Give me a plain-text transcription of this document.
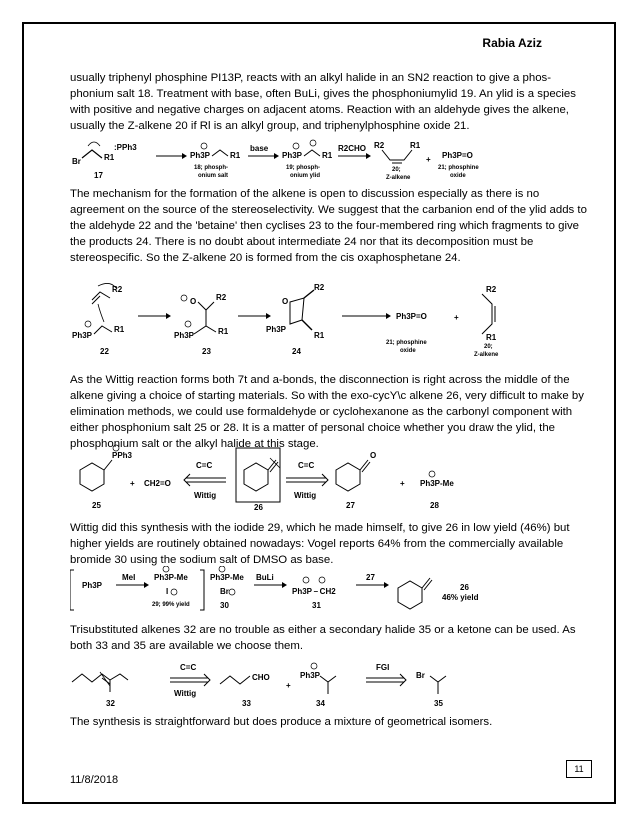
Rabia Aziz

usually triphenyl phosphine PI13P, reacts with an alkyl halide in an SN2 reaction to give a phos-phonium salt 18. Treatment with base, often BuLi, gives the phosphoniumylid 19. An ylid is a species with positive and negative charges on adjacent atoms. Reaction with an aldehyde gives the alkene, usually the Z-alkene 20 if Rl is an alkyl group, and triphenylphosphine oxide 21.

Br	R1
17
:PPh3
Ph3P R1
18; phosph-
onium salt
base
Ph3P R1
19; phosph-
onium ylid
R2CHO R2	R1
20;
Z-alkene
+ Ph3P=O
21; phosphine
oxide

The mechanism for the formation of the alkene is open to discussion especially as there is no agreement on the source of the stereoselectivity. We suggest that the carbanion end of the ylid adds to the aldehyde 22 and the 'betaine' then cyclises 23 to the four-membered ring which fragments to give the products 24. There is no doubt about intermediate 24 nor that its decomposition must be stereospecific. So the Z-alkene 20 is formed from the cis oxaphosphetane 24.

R2
Ph3P
R1
22
O R2
Ph3P	R1
23
O
R2
Ph3P
R1
24
Ph3P=O
21; phosphine
oxide
+
R2
R1
20;
Z-alkene

As the Wittig reaction forms both 7t and a-bonds, the disconnection is right across the middle of the alkene giving a choice of starting materials. So with the exo-cycY\c alkene 26, very difficult to make by elimination methods, we could use formaldehyde or cyclohexanone as the carbonyl component with either phosphonium salt 25 or 28. It is a matter of personal choice whether you draw the ylid, the phosphonium salt or the alkyl halide at this stage.

PPh3
25
+ CH2=O
C=C
Wittig
26
C=C
Wittig
O
27
+ Ph3P-Me
28

Wittig did this synthesis with the iodide 29, which he made himself, to give 26 in low yield (46%) but higher yields are routinely obtained nowadays: Vogel reports 64% from the commercially available bromide 30 using the sodium salt of DMSO as base.

Ph3P
MeI Ph3P-Me
I
29; 99% yield
Ph3P-Me
Br
30
BuLi
Ph3P – CH2
31
27
26
46% yield

Trisubstituted alkenes 32 are no trouble as either a secondary halide 35 or a ketone can be used. As both 33 and 35 are available we choose them.

32
C=C
Wittig
CHO
33
+
Ph3P
34
FGI
Br
35

The synthesis is straightforward but does produce a mixture of geometrical isomers.

11
11/8/2018
